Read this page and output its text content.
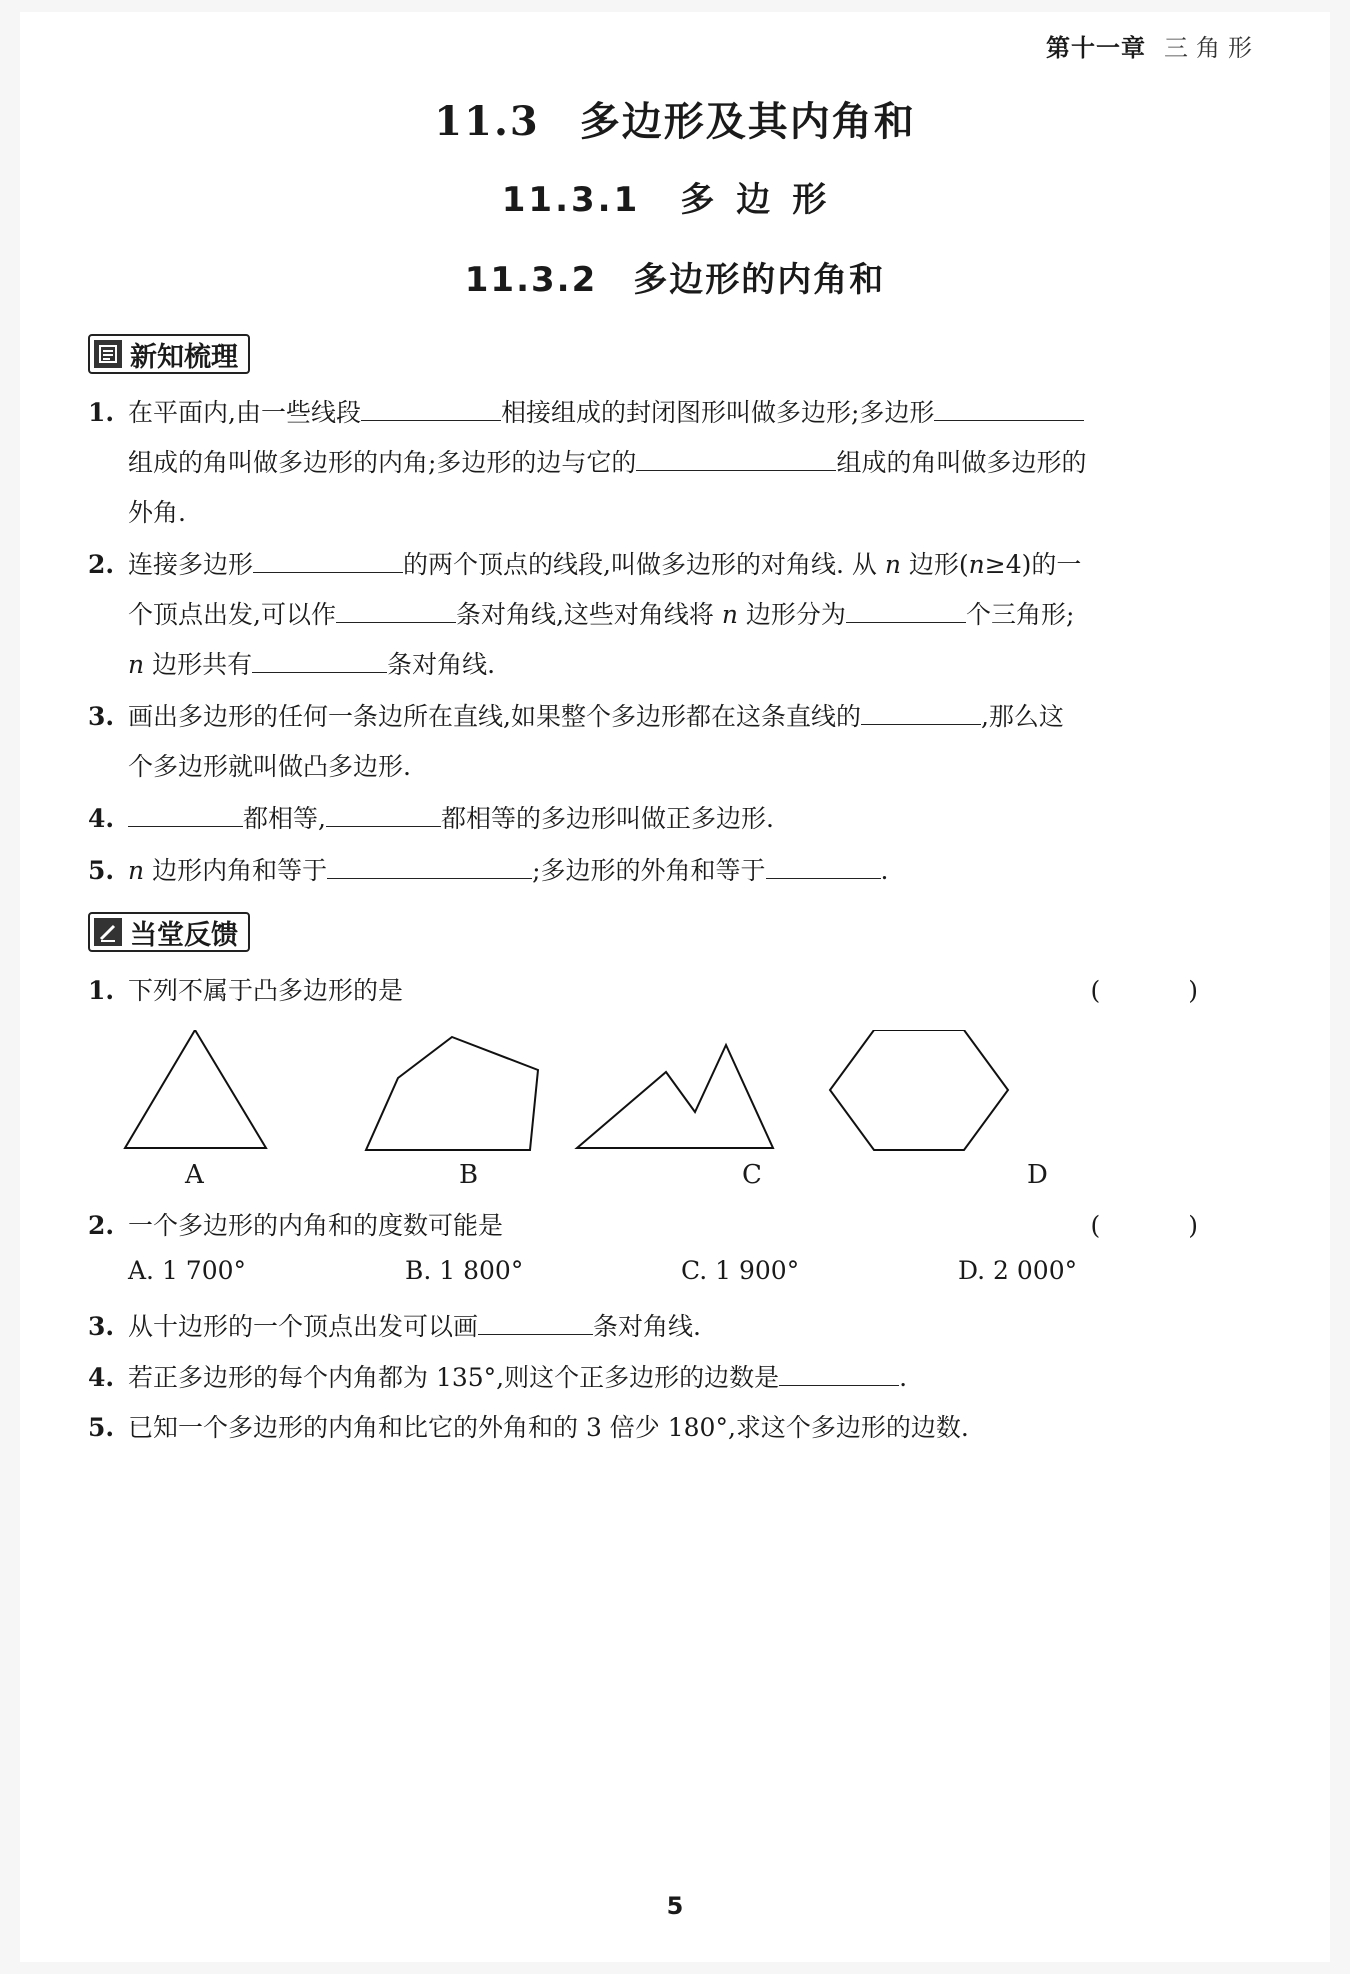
第十一章 三角形
11.3 多边形及其内角和
11.3.1 多边形
11.3.2 多边形的内角和
新知梳理
1. 在平面内,由一些线段	相接组成的封闭图形叫做多边形;多边形
组成的角叫做多边形的内角;多边形的边与它的	组成的角叫做多边形的
外角.
2. 连接多边形	的两个顶点的线段,叫做多边形的对角线. 从 n 边形(n≥4)的一
个顶点出发,可以作	条对角线,这些对角线将 n 边形分为	个三角形;
n 边形共有	条对角线.
3. 画出多边形的任何一条边所在直线,如果整个多边形都在这条直线的	,那么这
个多边形就叫做凸多边形.
4.	都相等,	都相等的多边形叫做正多边形.
5. n 边形内角和等于	;多边形的外角和等于	.
当堂反馈
1. 下列不属于凸多边形的是	( )
A	B	C	D
2. 一个多边形的内角和的度数可能是	( )
A. 1 700°	B. 1 800°	C. 1 900°	D. 2 000°
3. 从十边形的一个顶点出发可以画	条对角线.
4. 若正多边形的每个内角都为 135°,则这个正多边形的边数是	.
5. 已知一个多边形的内角和比它的外角和的 3 倍少 180°,求这个多边形的边数.
5
